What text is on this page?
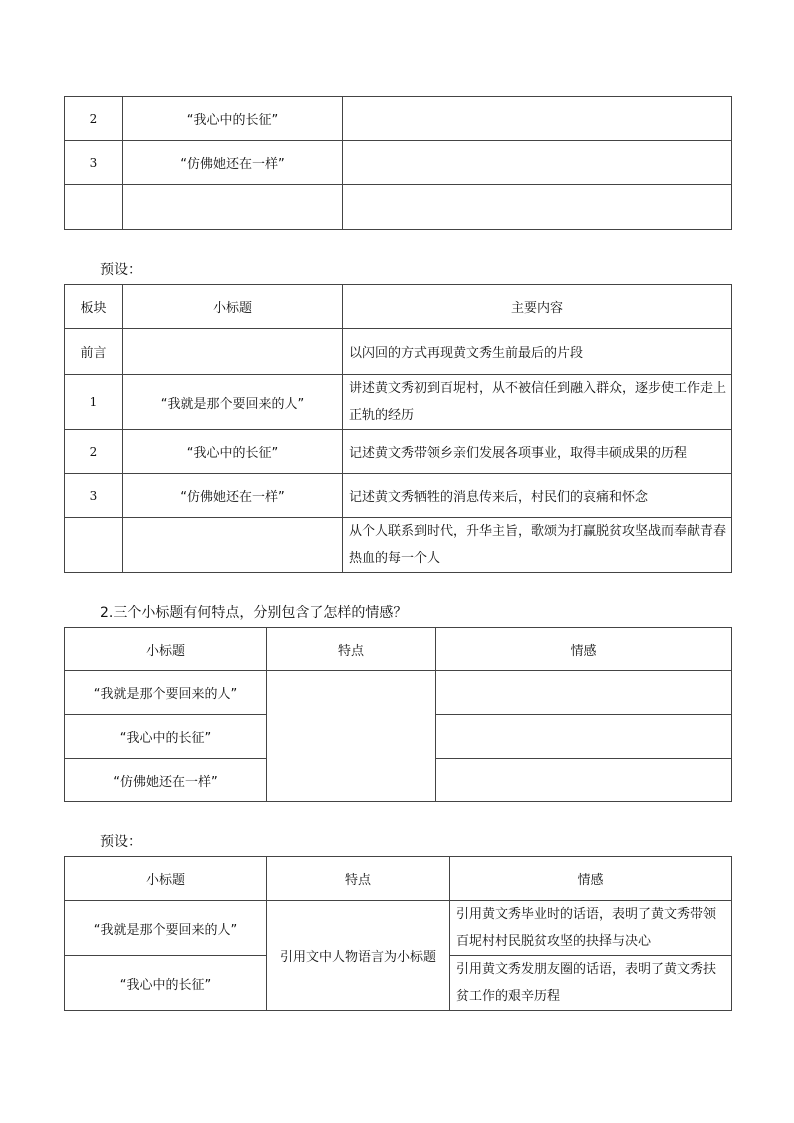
2	“我心中的长征”	
3	“仿佛她还在一样”	

预设：
板块	小标题	主要内容
前言		以闪回的方式再现黄文秀生前最后的片段
1	“我就是那个要回来的人”	讲述黄文秀初到百坭村，从不被信任到融入群众，逐步使工作走上正轨的经历
2	“我心中的长征”	记述黄文秀带领乡亲们发展各项事业，取得丰硕成果的历程
3	“仿佛她还在一样”	记述黄文秀牺牲的消息传来后，村民们的哀痛和怀念
		从个人联系到时代，升华主旨，歌颂为打赢脱贫攻坚战而奉献青春热血的每一个人
2.三个小标题有何特点，分别包含了怎样的情感？
小标题	特点	情感
“我就是那个要回来的人”		
“我心中的长征”		
“仿佛她还在一样”		
预设：
小标题	特点	情感
“我就是那个要回来的人”	引用文中人物语言为小标题	引用黄文秀毕业时的话语，表明了黄文秀带领百坭村村民脱贫攻坚的抉择与决心
“我心中的长征”		引用黄文秀发朋友圈的话语，表明了黄文秀扶贫工作的艰辛历程
